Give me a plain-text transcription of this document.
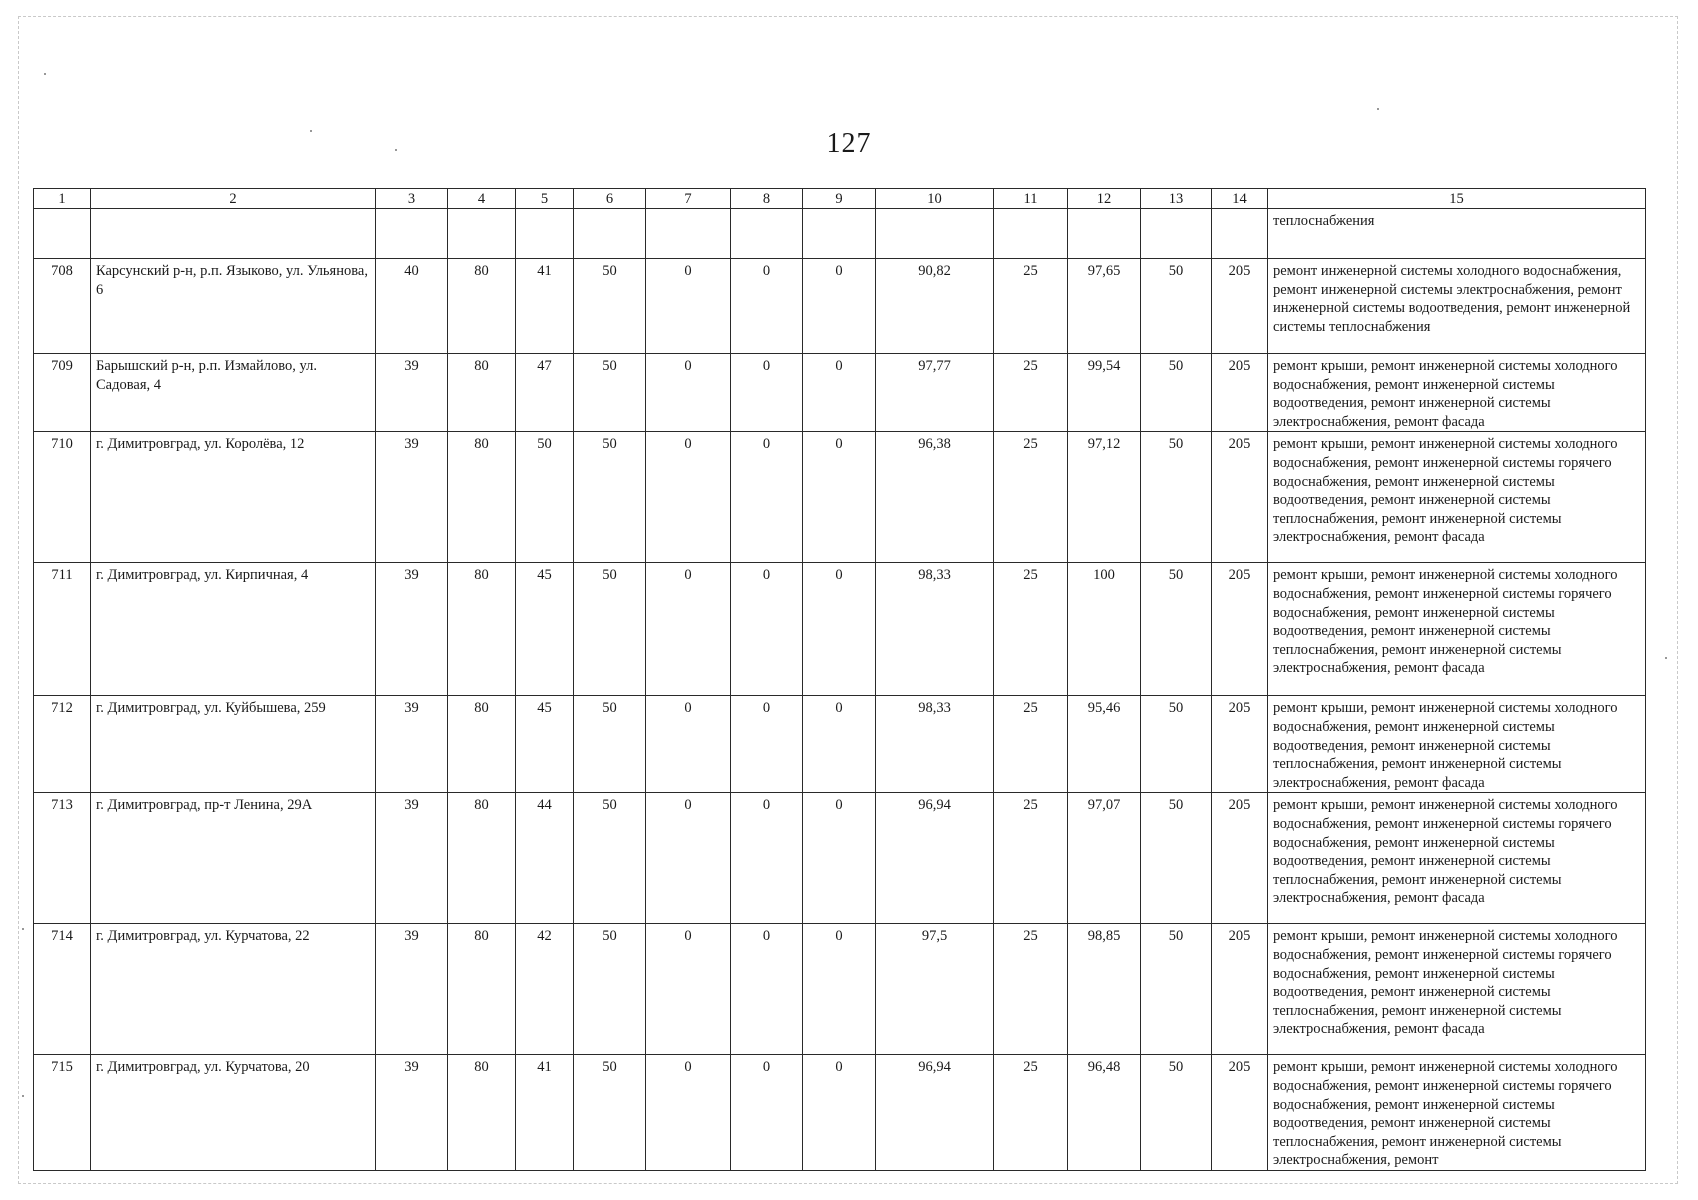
127
1	2	3	4	5	6	7	8	9	10	11	12	13	14	15
														теплоснабжения
708	Карсунский р-н, р.п. Языково, ул. Ульянова, 6	40	80	41	50	0	0	0	90,82	25	97,65	50	205	ремонт инженерной системы холодного водоснабжения, ремонт инженерной системы электроснабжения, ремонт инженерной системы водоотведения, ремонт инженерной системы теплоснабжения
709	Барышский р-н, р.п. Измайлово, ул. Садовая, 4	39	80	47	50	0	0	0	97,77	25	99,54	50	205	ремонт крыши, ремонт инженерной системы холодного водоснабжения, ремонт инженерной системы водоотведения, ремонт инженерной системы электроснабжения, ремонт фасада
710	г. Димитровград, ул. Королёва, 12	39	80	50	50	0	0	0	96,38	25	97,12	50	205	ремонт крыши, ремонт инженерной системы холодного водоснабжения, ремонт инженерной системы горячего водоснабжения, ремонт инженерной системы водоотведения, ремонт инженерной системы теплоснабжения, ремонт инженерной системы электроснабжения, ремонт фасада
711	г. Димитровград, ул. Кирпичная, 4	39	80	45	50	0	0	0	98,33	25	100	50	205	ремонт крыши, ремонт инженерной системы холодного водоснабжения, ремонт инженерной системы горячего водоснабжения, ремонт инженерной системы водоотведения, ремонт инженерной системы теплоснабжения, ремонт инженерной системы электроснабжения, ремонт фасада
712	г. Димитровград, ул. Куйбышева, 259	39	80	45	50	0	0	0	98,33	25	95,46	50	205	ремонт крыши, ремонт инженерной системы холодного водоснабжения, ремонт инженерной системы водоотведения, ремонт инженерной системы теплоснабжения, ремонт инженерной системы электроснабжения, ремонт фасада
713	г. Димитровград, пр-т Ленина, 29А	39	80	44	50	0	0	0	96,94	25	97,07	50	205	ремонт крыши, ремонт инженерной системы холодного водоснабжения, ремонт инженерной системы горячего водоснабжения, ремонт инженерной системы водоотведения, ремонт инженерной системы теплоснабжения, ремонт инженерной системы электроснабжения, ремонт фасада
714	г. Димитровград, ул. Курчатова, 22	39	80	42	50	0	0	0	97,5	25	98,85	50	205	ремонт крыши, ремонт инженерной системы холодного водоснабжения, ремонт инженерной системы горячего водоснабжения, ремонт инженерной системы водоотведения, ремонт инженерной системы теплоснабжения, ремонт инженерной системы электроснабжения, ремонт фасада
715	г. Димитровград, ул. Курчатова, 20	39	80	41	50	0	0	0	96,94	25	96,48	50	205	ремонт крыши, ремонт инженерной системы холодного водоснабжения, ремонт инженерной системы горячего водоснабжения, ремонт инженерной системы водоотведения, ремонт инженерной системы теплоснабжения, ремонт инженерной системы электроснабжения, ремонт
